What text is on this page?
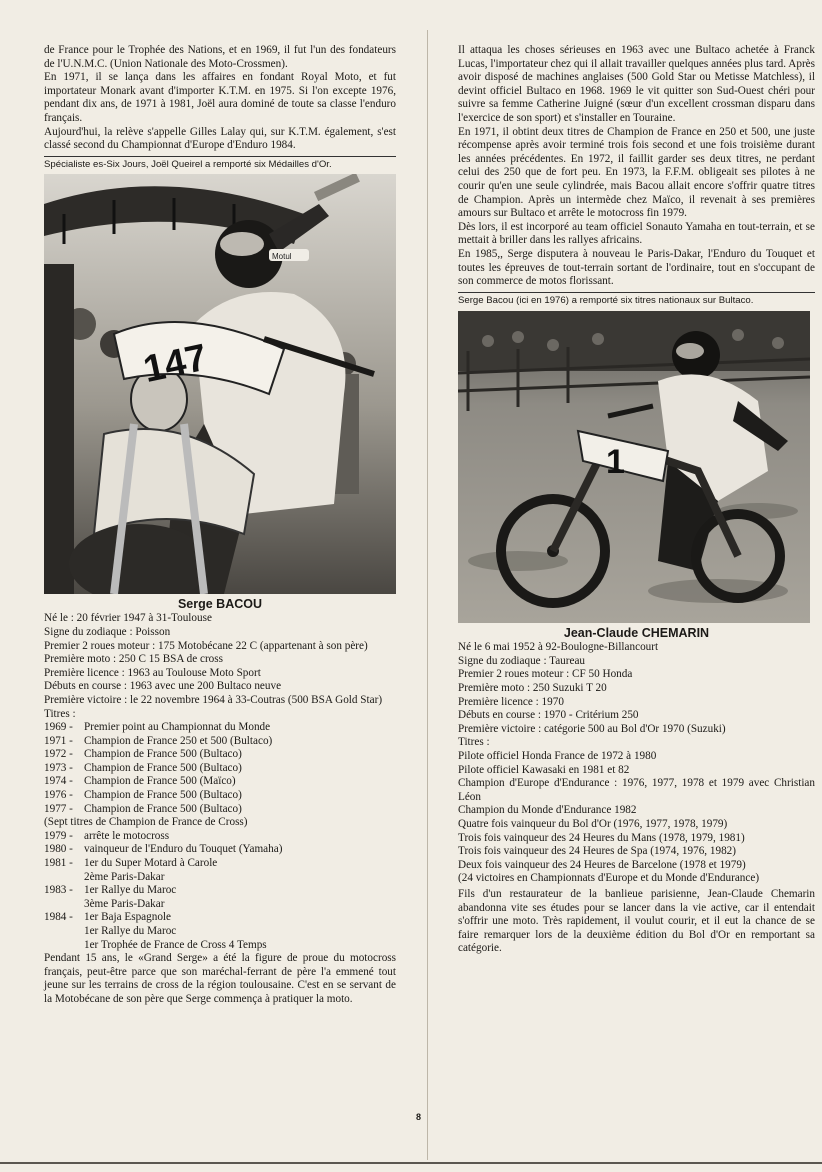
de France pour le Trophée des Nations, et en 1969, il fut l'un des fondateurs de l'U.N.M.C. (Union Nationale des Moto-Crossmen).

En 1971, il se lança dans les affaires en fondant Royal Moto, et fut importateur Monark avant d'importer K.T.M. en 1975. Si l'on excepte 1976, pendant dix ans, de 1971 à 1981, Joël aura dominé de toute sa classe l'enduro français.

Aujourd'hui, la relève s'appelle Gilles Lalay qui, sur K.T.M. également, s'est classé second du Championnat d'Europe d'Enduro 1984.

Spécialiste es-Six Jours, Joël Queirel a remporté six Médailles d'Or.
147
Motul
Serge BACOU
Né le : 20 février 1947 à 31-Toulouse
Signe du zodiaque : Poisson
Premier 2 roues moteur : 175 Motobécane 22 C (appartenant à son père)
Première moto : 250 C 15 BSA de cross
Première licence : 1963 au Toulouse Moto Sport
Débuts en course : 1963 avec une 200 Bultaco neuve
Première victoire : le 22 novembre 1964 à 33-Coutras (500 BSA Gold Star)
Titres :
1969 - Premier point au Championnat du Monde
1971 - Champion de France 250 et 500 (Bultaco)
1972 - Champion de France 500 (Bultaco)
1973 - Champion de France 500 (Bultaco)
1974 - Champion de France 500 (Maïco)
1976 - Champion de France 500 (Bultaco)
1977 - Champion de France 500 (Bultaco)
(Sept titres de Champion de France de Cross)
1979 - arrête le motocross
1980 - vainqueur de l'Enduro du Touquet (Yamaha)
1981 - 1er du Super Motard à Carole
2ème Paris-Dakar
1983 - 1er Rallye du Maroc
3ème Paris-Dakar
1984 - 1er Baja Espagnole
1er Rallye du Maroc
1er Trophée de France de Cross 4 Temps

Pendant 15 ans, le «Grand Serge» a été la figure de proue du motocross français, peut-être parce que son maréchal-ferrant de père l'a emmené tout jeune sur les terrains de cross de la région toulousaine. C'est en se servant de la Motobécane de son père que Serge commença à pratiquer la moto.

Il attaqua les choses sérieuses en 1963 avec une Bultaco achetée à Franck Lucas, l'importateur chez qui il allait travailler quelques années plus tard. Après avoir disposé de machines anglaises (500 Gold Star ou Metisse Matchless), il devint officiel Bultaco en 1968. 1969 le vit quitter son Sud-Ouest chéri pour suivre sa femme Catherine Juigné (sœur d'un excellent crossman disparu dans l'exercice de son sport) et s'installer en Touraine.

En 1971, il obtint deux titres de Champion de France en 250 et 500, une juste récompense après avoir terminé trois fois second et une fois troisième durant les années précédentes. En 1972, il faillit garder ses deux titres, ne perdant celui des 250 que de fort peu. En 1973, la F.F.M. obligeait ses pilotes à ne courir qu'en une seule cylindrée, mais Bacou allait encore s'offrir quatre titres de Champion. Après un intermède chez Maïco, il revenait à ses premières amours sur Bultaco et arrête le motocross fin 1979.

Dès lors, il est incorporé au team officiel Sonauto Yamaha en tout-terrain, et se mettait à briller dans les rallyes africains.

En 1985,, Serge disputera à nouveau le Paris-Dakar, l'Enduro du Touquet et toutes les épreuves de tout-terrain sortant de l'ordinaire, tout en s'occupant de son commerce de motos florissant.

Serge Bacou (ici en 1976) a remporté six titres nationaux sur Bultaco.
1
Jean-Claude CHEMARIN
Né le 6 mai 1952 à 92-Boulogne-Billancourt
Signe du zodiaque : Taureau
Premier 2 roues moteur : CF 50 Honda
Première moto : 250 Suzuki T 20
Première licence : 1970
Débuts en course : 1970 - Critérium 250
Première victoire : catégorie 500 au Bol d'Or 1970 (Suzuki)
Titres :
Pilote officiel Honda France de 1972 à 1980
Pilote officiel Kawasaki en 1981 et 82

Champion d'Europe d'Endurance : 1976, 1977, 1978 et 1979 avec Christian Léon

Champion du Monde d'Endurance 1982
Quatre fois vainqueur du Bol d'Or (1976, 1977, 1978, 1979)

Trois fois vainqueur des 24 Heures du Mans (1978, 1979, 1981)

Trois fois vainqueur des 24 Heures de Spa (1974, 1976, 1982)

Deux fois vainqueur des 24 Heures de Barcelone (1978 et 1979)

(24 victoires en Championnats d'Europe et du Monde d'Endurance)

Fils d'un restaurateur de la banlieue parisienne, Jean-Claude Chemarin abandonna vite ses études pour se lancer dans la vie active, car il entendait s'offrir une moto. Très rapidement, il voulut courir, et il eut la chance de se faire remarquer lors de la deuxième édition du Bol d'Or en remportant sa catégorie.

8
